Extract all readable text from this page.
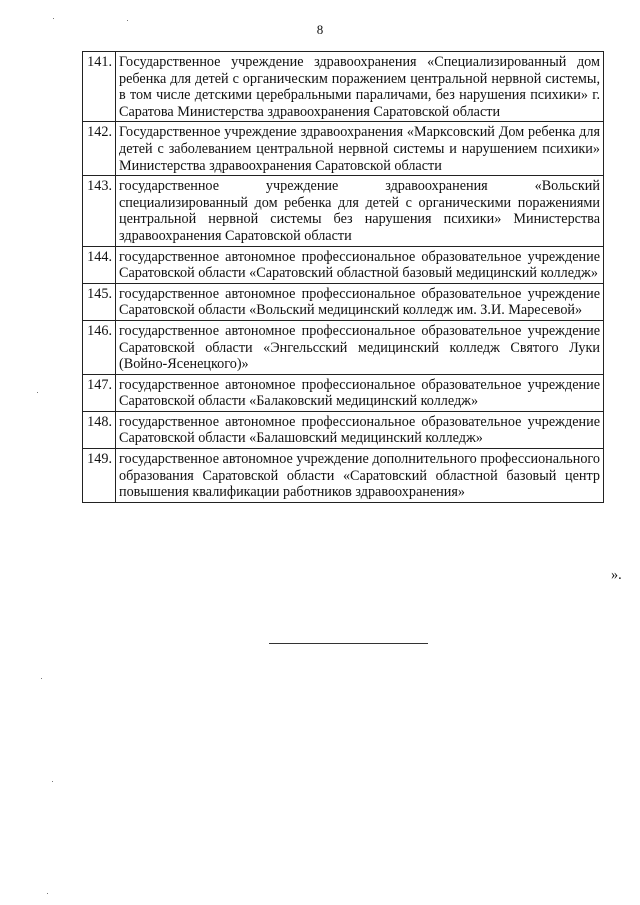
8
141.	Государственное учреждение здравоохранения «Специализированный дом ребенка для детей с органическим поражением центральной нервной системы, в том числе детскими церебральными параличами, без нарушения психики» г. Саратова Министерства здравоохранения Саратовской области
142.	Государственное учреждение здравоохранения «Марксовский Дом ребенка для детей с заболеванием центральной нервной системы и нарушением психики» Министерства здравоохранения Саратовской области
143.	государственное учреждение здравоохранения «Вольский специализированный дом ребенка для детей с органическими поражениями центральной нервной системы без нарушения психики» Министерства здравоохранения Саратовской области
144.	государственное автономное профессиональное образовательное учреждение Саратовской области «Саратовский областной базовый медицинский колледж»
145.	государственное автономное профессиональное образовательное учреждение Саратовской области «Вольский медицинский колледж им. З.И. Маресевой»
146.	государственное автономное профессиональное образовательное учреждение Саратовской области «Энгельсский медицинский колледж Святого Луки (Войно-Ясенецкого)»
147.	государственное автономное профессиональное образовательное учреждение Саратовской области «Балаковский медицинский колледж»
148.	государственное автономное профессиональное образовательное учреждение Саратовской области «Балашовский медицинский колледж»
149.	государственное автономное учреждение дополнительного профессионального образования Саратовской области «Саратовский областной базовый центр повышения квалификации работников здравоохранения»
».
